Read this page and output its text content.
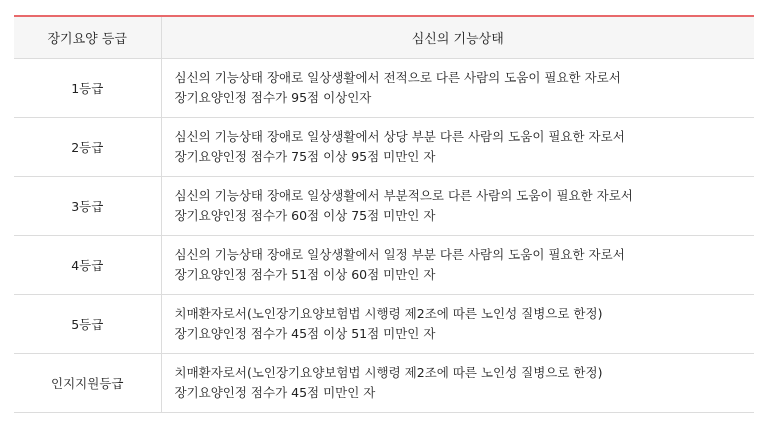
장기요양 등급	심신의 기능상태
1등급	심신의 기능상태 장애로 일상생활에서 전적으로 다른 사람의 도움이 필요한 자로서
장기요양인정 점수가 95점 이상인자

2등급	심신의 기능상태 장애로 일상생활에서 상당 부분 다른 사람의 도움이 필요한 자로서
장기요양인정 점수가 75점 이상 95점 미만인 자

3등급	심신의 기능상태 장애로 일상생활에서 부분적으로 다른 사람의 도움이 필요한 자로서
장기요양인정 점수가 60점 이상 75점 미만인 자

4등급	심신의 기능상태 장애로 일상생활에서 일정 부분 다른 사람의 도움이 필요한 자로서
장기요양인정 점수가 51점 이상 60점 미만인 자

5등급	치매환자로서(노인장기요양보험법 시행령 제2조에 따른 노인성 질병으로 한정)
장기요양인정 점수가 45점 이상 51점 미만인 자

인지지원등급	치매환자로서(노인장기요양보험법 시행령 제2조에 따른 노인성 질병으로 한정)
장기요양인정 점수가 45점 미만인 자
